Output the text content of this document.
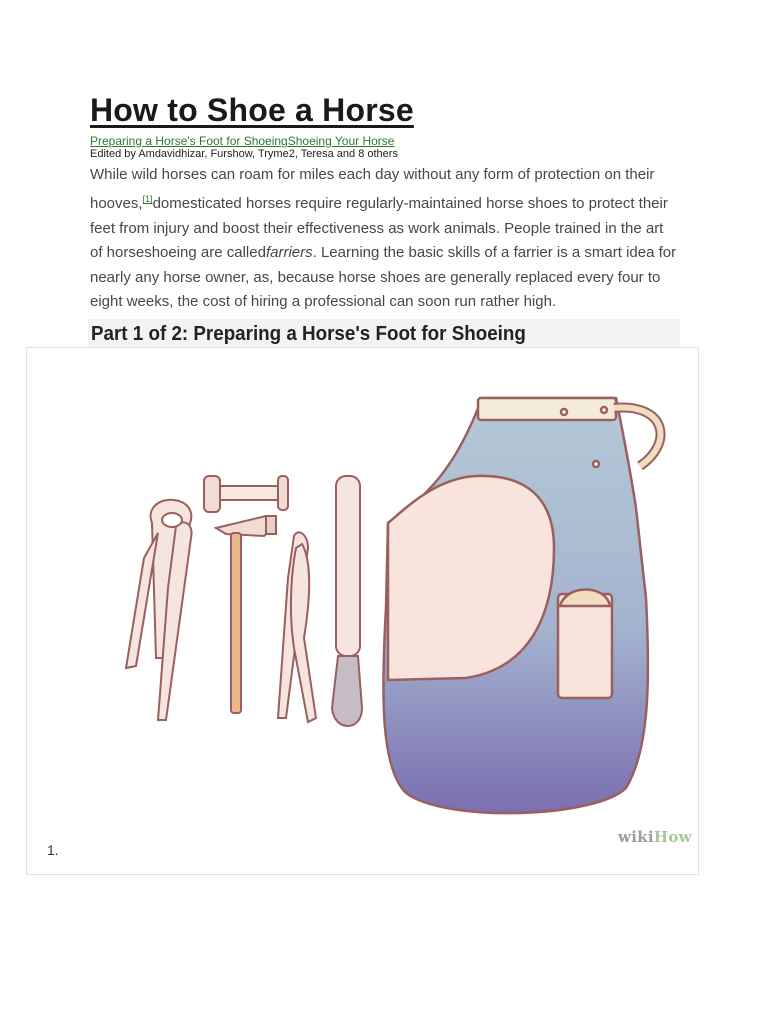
How to Shoe a Horse
Preparing a Horse's Foot for ShoeingShoeing Your Horse
Edited by Amdavidhizar, Furshow, Tryme2, Teresa and 8 others

While wild horses can roam for miles each day without any form of protection on their hooves,[1]domesticated horses require regularly-maintained horse shoes to protect their feet from injury and boost their effectiveness as work animals. People trained in the art of horseshoeing are calledfarriers. Learning the basic skills of a farrier is a smart idea for nearly any horse owner, as, because horse shoes are generally replaced every four to eight weeks, the cost of hiring a professional can soon run rather high.

Part 1 of 2: Preparing a Horse's Foot for Shoeing
wikiHow
1.
